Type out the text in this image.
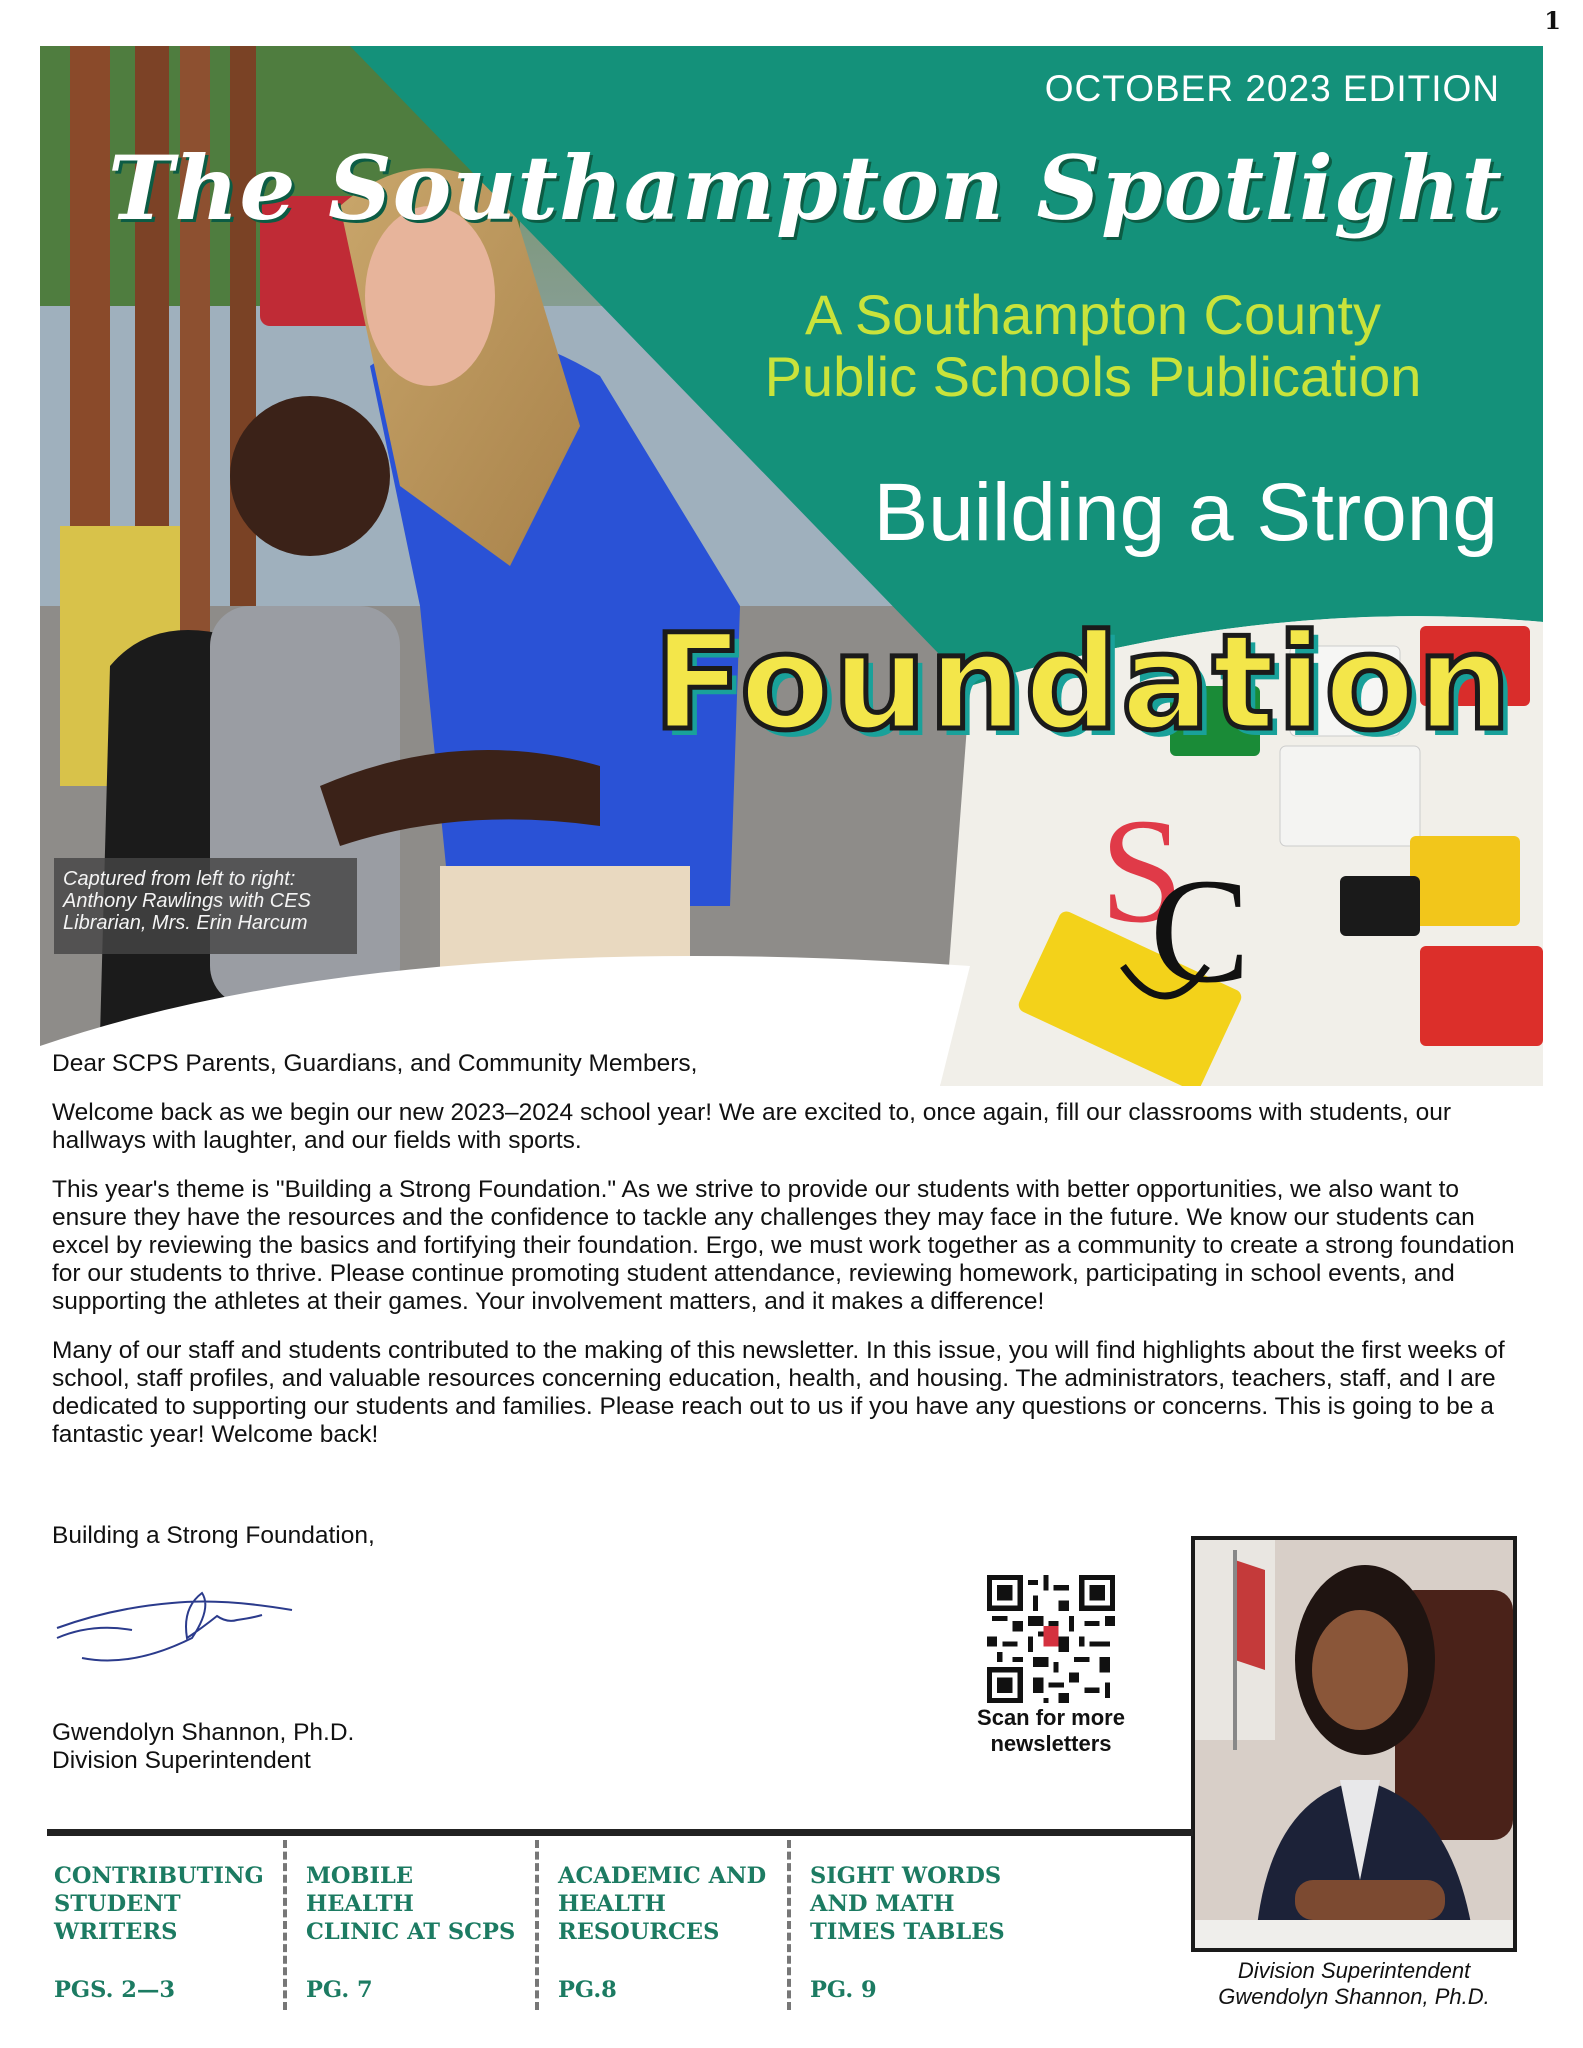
1
OCTOBER 2023 EDITION
The Southampton Spotlight
A Southampton County
Public Schools Publication
Building a Strong
Foundation
Captured from left to right:
Anthony Rawlings with CES
Librarian, Mrs. Erin Harcum	S
C

Dear SCPS Parents, Guardians, and Community Members,

Welcome back as we begin our new 2023–2024 school year! We are excited to, once again, fill our classrooms with students, our hallways with laughter, and our fields with sports.

This year's theme is "Building a Strong Foundation." As we strive to provide our students with better opportunities, we also want to ensure they have the resources and the confidence to tackle any challenges they may face in the future. We know our students can excel by reviewing the basics and fortifying their foundation. Ergo, we must work together as a community to create a strong foundation for our students to thrive. Please continue promoting student attendance, reviewing homework, participating in school events, and supporting the athletes at their games. Your involvement matters, and it makes a difference!

Many of our staff and students contributed to the making of this newsletter. In this issue, you will find highlights about the first weeks of school, staff profiles, and valuable resources concerning education, health, and housing. The administrators, teachers, staff, and I are dedicated to supporting our students and families. Please reach out to us if you have any questions or concerns. This is going to be a fantastic year! Welcome back!

Building a Strong Foundation,
Gwendolyn Shannon, Ph.D.
Division Superintendent
Scan for more
newsletters
Division Superintendent
Gwendolyn Shannon, Ph.D.
CONTRIBUTING
STUDENT
WRITERS
PGS. 2—3
MOBILE
HEALTH
CLINIC AT SCPS
PG. 7
ACADEMIC AND
HEALTH
RESOURCES
PG.8
SIGHT WORDS
AND MATH
TIMES TABLES
PG. 9
